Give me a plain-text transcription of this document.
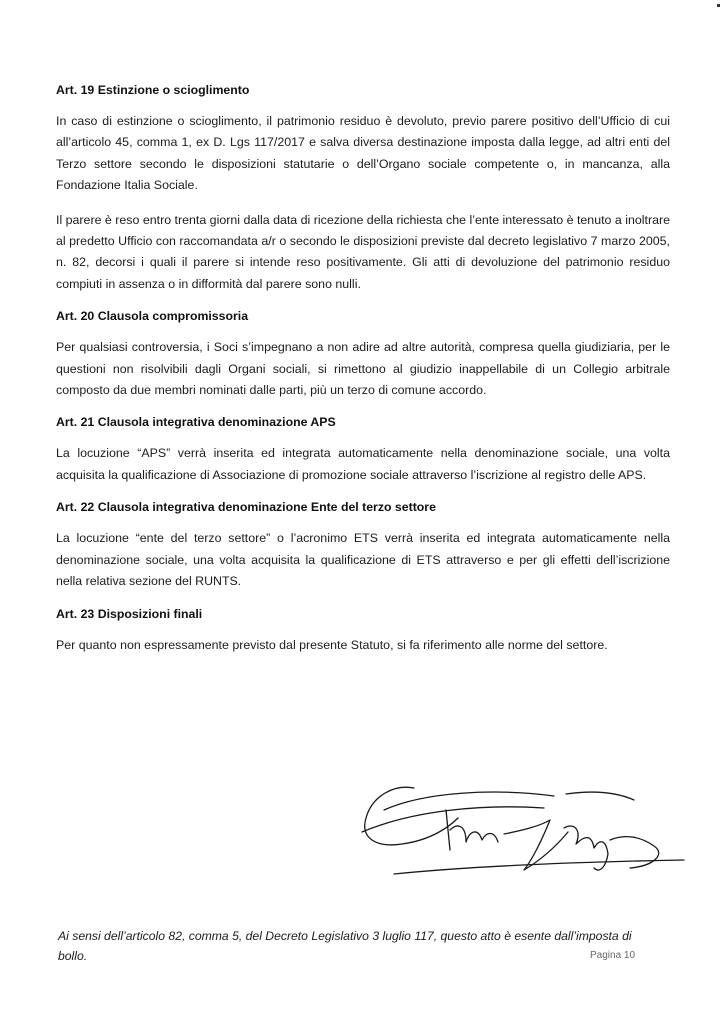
Art. 19 Estinzione o scioglimento

In caso di estinzione o scioglimento, il patrimonio residuo è devoluto, previo parere positivo dell’Ufficio di cui all’articolo 45, comma 1, ex D. Lgs 117/2017 e salva diversa destinazione imposta dalla legge, ad altri enti del Terzo settore secondo le disposizioni statutarie o dell’Organo sociale competente o, in mancanza, alla Fondazione Italia Sociale.

Il parere è reso entro trenta giorni dalla data di ricezione della richiesta che l’ente interessato è tenuto a inoltrare al predetto Ufficio con raccomandata a/r o secondo le disposizioni previste dal decreto legislativo 7 marzo 2005, n. 82, decorsi i quali il parere si intende reso positivamente. Gli atti di devoluzione del patrimonio residuo compiuti in assenza o in difformità dal parere sono nulli.

Art. 20 Clausola compromissoria

Per qualsiasi controversia, i Soci s’impegnano a non adire ad altre autorità, compresa quella giudiziaria, per le questioni non risolvibili dagli Organi sociali, si rimettono al giudizio inappellabile di un Collegio arbitrale composto da due membri nominati dalle parti, più un terzo di comune accordo.

Art. 21 Clausola integrativa denominazione APS

La locuzione “APS” verrà inserita ed integrata automaticamente nella denominazione sociale, una volta acquisita la qualificazione di Associazione di promozione sociale attraverso l’iscrizione al registro delle APS.

Art. 22 Clausola integrativa denominazione Ente del terzo settore

La locuzione “ente del terzo settore” o l’acronimo ETS verrà inserita ed integrata automaticamente nella denominazione sociale, una volta acquisita la qualificazione di ETS attraverso e per gli effetti dell’iscrizione nella relativa sezione del RUNTS.

Art. 23 Disposizioni finali

Per quanto non espressamente previsto dal presente Statuto, si fa riferimento alle norme del settore.

Ai sensi dell’articolo 82, comma 5, del Decreto Legislativo 3 luglio 117, questo atto è esente dall’imposta di bollo.	Pagina 10
